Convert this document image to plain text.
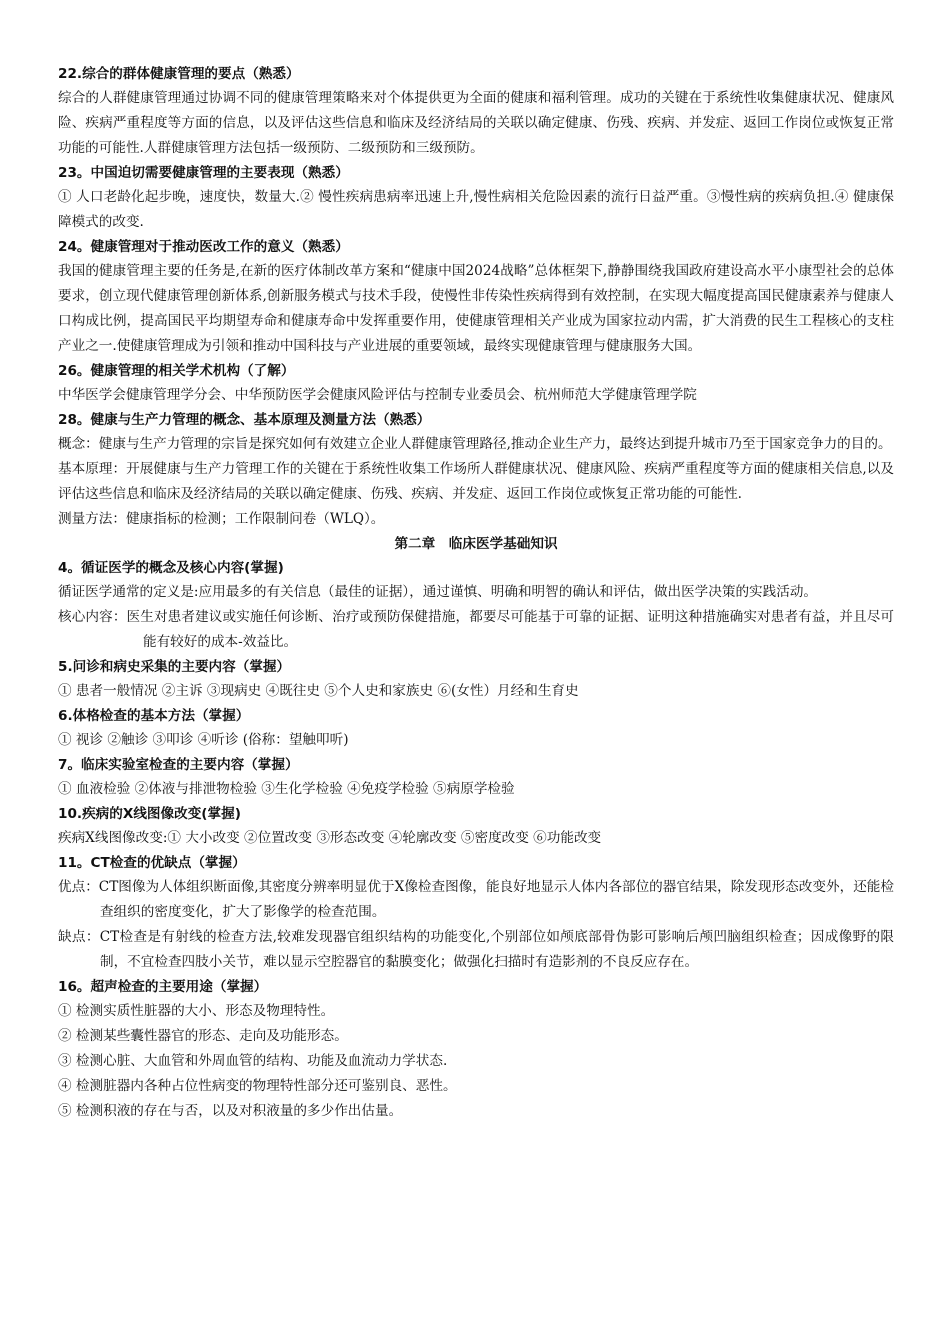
22.综合的群体健康管理的要点（熟悉）
综合的人群健康管理通过协调不同的健康管理策略来对个体提供更为全面的健康和福利管理。成功的关键在于系统性收集健康状况、健康风险、疾病严重程度等方面的信息，以及评估这些信息和临床及经济结局的关联以确定健康、伤残、疾病、并发症、返回工作岗位或恢复正常功能的可能性.人群健康管理方法包括一级预防、二级预防和三级预防。
23。中国迫切需要健康管理的主要表现（熟悉）
① 人口老龄化起步晚，速度快，数量大.② 慢性疾病患病率迅速上升,慢性病相关危险因素的流行日益严重。③慢性病的疾病负担.④ 健康保障模式的改变.
24。健康管理对于推动医改工作的意义（熟悉）
我国的健康管理主要的任务是,在新的医疗体制改革方案和“健康中国2024战略”总体框架下,静静围绕我国政府建设高水平小康型社会的总体要求，创立现代健康管理创新体系,创新服务模式与技术手段，使慢性非传染性疾病得到有效控制，在实现大幅度提高国民健康素养与健康人口构成比例，提高国民平均期望寿命和健康寿命中发挥重要作用，使健康管理相关产业成为国家拉动内需，扩大消费的民生工程核心的支柱产业之一.使健康管理成为引领和推动中国科技与产业进展的重要领域，最终实现健康管理与健康服务大国。
26。健康管理的相关学术机构（了解）
中华医学会健康管理学分会、中华预防医学会健康风险评估与控制专业委员会、杭州师范大学健康管理学院
28。健康与生产力管理的概念、基本原理及测量方法（熟悉）
概念：健康与生产力管理的宗旨是探究如何有效建立企业人群健康管理路径,推动企业生产力，最终达到提升城市乃至于国家竞争力的目的。
基本原理：开展健康与生产力管理工作的关键在于系统性收集工作场所人群健康状况、健康风险、疾病严重程度等方面的健康相关信息,以及评估这些信息和临床及经济结局的关联以确定健康、伤残、疾病、并发症、返回工作岗位或恢复正常功能的可能性.
测量方法：健康指标的检测；工作限制问卷（WLQ）。
第二章　临床医学基础知识
4。循证医学的概念及核心内容(掌握)
循证医学通常的定义是:应用最多的有关信息（最佳的证据），通过谨慎、明确和明智的确认和评估，做出医学决策的实践活动。
核心内容：医生对患者建议或实施任何诊断、治疗或预防保健措施，都要尽可能基于可靠的证据、证明这种措施确实对患者有益，并且尽可能有较好的成本-效益比。
5.问诊和病史采集的主要内容（掌握）
① 患者一般情况 ②主诉 ③现病史 ④既往史 ⑤个人史和家族史 ⑥(女性）月经和生育史
6.体格检查的基本方法（掌握）
① 视诊 ②触诊 ③叩诊 ④听诊 (俗称：望触叩听)
7。临床实验室检查的主要内容（掌握）
① 血液检验 ②体液与排泄物检验 ③生化学检验 ④免疫学检验 ⑤病原学检验
10.疾病的X线图像改变(掌握)
疾病X线图像改变:① 大小改变 ②位置改变 ③形态改变 ④轮廓改变 ⑤密度改变 ⑥功能改变
11。CT检查的优缺点（掌握）
优点：CT图像为人体组织断面像,其密度分辨率明显优于X像检查图像，能良好地显示人体内各部位的器官结果，除发现形态改变外，还能检查组织的密度变化，扩大了影像学的检查范围。
缺点：CT检查是有射线的检查方法,较难发现器官组织结构的功能变化,个别部位如颅底部骨伪影可影响后颅凹脑组织检查；因成像野的限制，不宜检查四肢小关节，难以显示空腔器官的黏膜变化；做强化扫描时有造影剂的不良反应存在。
16。超声检查的主要用途（掌握）
① 检测实质性脏器的大小、形态及物理特性。
② 检测某些囊性器官的形态、走向及功能形态。
③ 检测心脏、大血管和外周血管的结构、功能及血流动力学状态.
④ 检测脏器内各种占位性病变的物理特性部分还可鉴别良、恶性。
⑤ 检测积液的存在与否，以及对积液量的多少作出估量。
